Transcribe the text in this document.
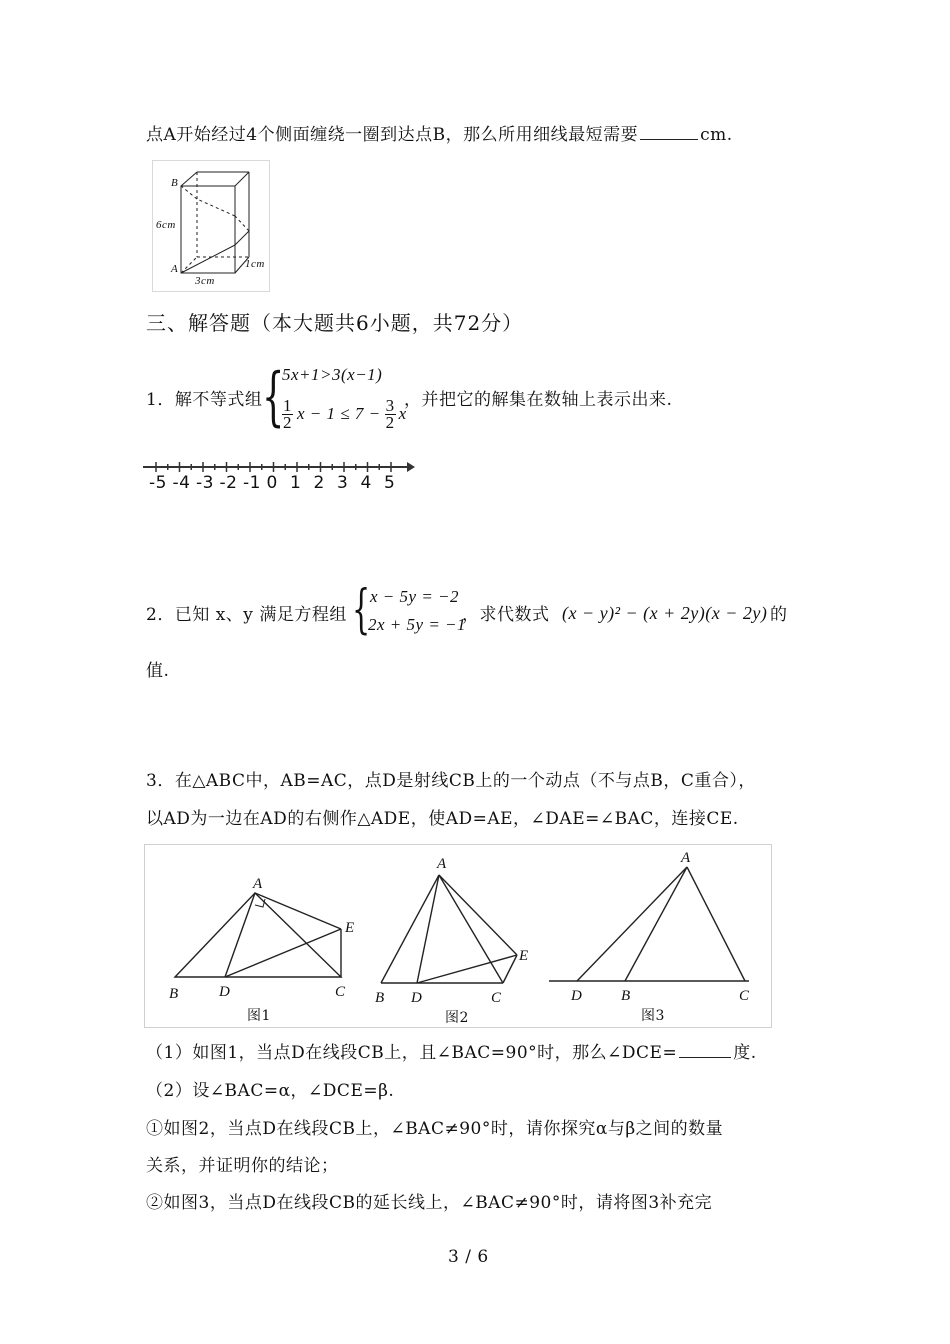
点A开始经过4个侧面缠绕一圈到达点B，那么所用细线最短需要	cm.
B
A
6cm
3cm
1cm
三、解答题（本大题共6小题，共72分）
1．解不等式组 {
5x+1>3(x−1)
$\frac{1}{2}$ $x - 1 \le 7 - \frac{3}{2}$ x
，并把它的解集在数轴上表示出来.
-5 -4 -3 -2 -1 0 1 2 3 4 5
2．已知 x、y 满足方程组 { x − 5y = −2
2x + 5y = −1
，求代数式 (x − y)² − (x + 2y)(x − 2y) 的
值.
3．在△ABC中，AB=AC，点D是射线CB上的一个动点（不与点B，C重合），
以AD为一边在AD的右侧作△ADE，使AD=AE，∠DAE=∠BAC，连接CE.
A
B	D	C
E
A
B D	C
E
A
D	B	C
图1	图2	图3
（1）如图1，当点D在线段CB上，且∠BAC=90°时，那么∠DCE=	度.
（2）设∠BAC=α，∠DCE=β.
①如图2，当点D在线段CB上，∠BAC≠90°时，请你探究α与β之间的数量
关系，并证明你的结论；
②如图3，当点D在线段CB的延长线上，∠BAC≠90°时，请将图3补充完
3 / 6
